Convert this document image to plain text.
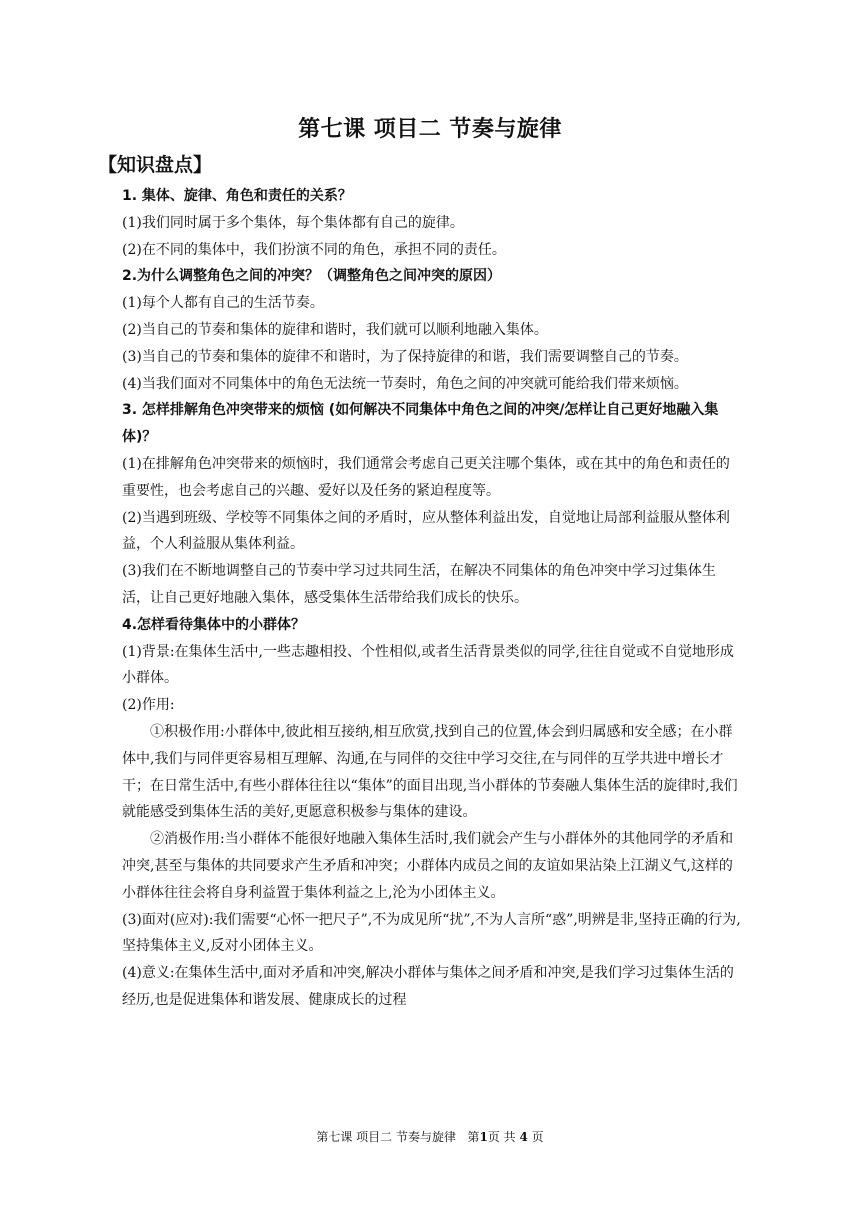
第七课 项目二 节奏与旋律
【知识盘点】

1. 集体、旋律、角色和责任的关系？

(1)我们同时属于多个集体，每个集体都有自己的旋律。

(2)在不同的集体中，我们扮演不同的角色，承担不同的责任。

2.为什么调整角色之间的冲突？（调整角色之间冲突的原因）

(1)每个人都有自己的生活节奏。

(2)当自己的节奏和集体的旋律和谐时，我们就可以顺利地融入集体。

(3)当自己的节奏和集体的旋律不和谐时，为了保持旋律的和谐，我们需要调整自己的节奏。

(4)当我们面对不同集体中的角色无法统一节奏时，角色之间的冲突就可能给我们带来烦恼。

3. 怎样排解角色冲突带来的烦恼 (如何解决不同集体中角色之间的冲突/怎样让自己更好地融入集体)？

(1)在排解角色冲突带来的烦恼时，我们通常会考虑自己更关注哪个集体，或在其中的角色和责任的重要性，也会考虑自己的兴趣、爱好以及任务的紧迫程度等。

(2)当遇到班级、学校等不同集体之间的矛盾时，应从整体利益出发，自觉地让局部利益服从整体利益，个人利益服从集体利益。

(3)我们在不断地调整自己的节奏中学习过共同生活，在解决不同集体的角色冲突中学习过集体生活，让自己更好地融入集体，感受集体生活带给我们成长的快乐。

4.怎样看待集体中的小群体？

(1)背景:在集体生活中,一些志趣相投、个性相似,或者生活背景类似的同学,往往自觉或不自觉地形成小群体。

(2)作用:

①积极作用:小群体中,彼此相互接纳,相互欣赏,找到自己的位置,体会到归属感和安全感；在小群体中,我们与同伴更容易相互理解、沟通,在与同伴的交往中学习交往,在与同伴的互学共进中增长才干；在日常生活中,有些小群体往往以“集体”的面目出现,当小群体的节奏融人集体生活的旋律时,我们就能感受到集体生活的美好,更愿意积极参与集体的建设。

②消极作用:当小群体不能很好地融入集体生活时,我们就会产生与小群体外的其他同学的矛盾和冲突,甚至与集体的共同要求产生矛盾和冲突；小群体内成员之间的友谊如果沾染上江湖义气,这样的小群体往往会将自身利益置于集体利益之上,沦为小团体主义。

(3)面对(应对):我们需要“心怀一把尺子”,不为成见所“扰”,不为人言所“惑”,明辨是非,坚持正确的行为,坚持集体主义,反对小团体主义。

(4)意义:在集体生活中,面对矛盾和冲突,解决小群体与集体之间矛盾和冲突,是我们学习过集体生活的经历,也是促进集体和谐发展、健康成长的过程

第七课 项目二 节奏与旋律 第1页 共 4 页
